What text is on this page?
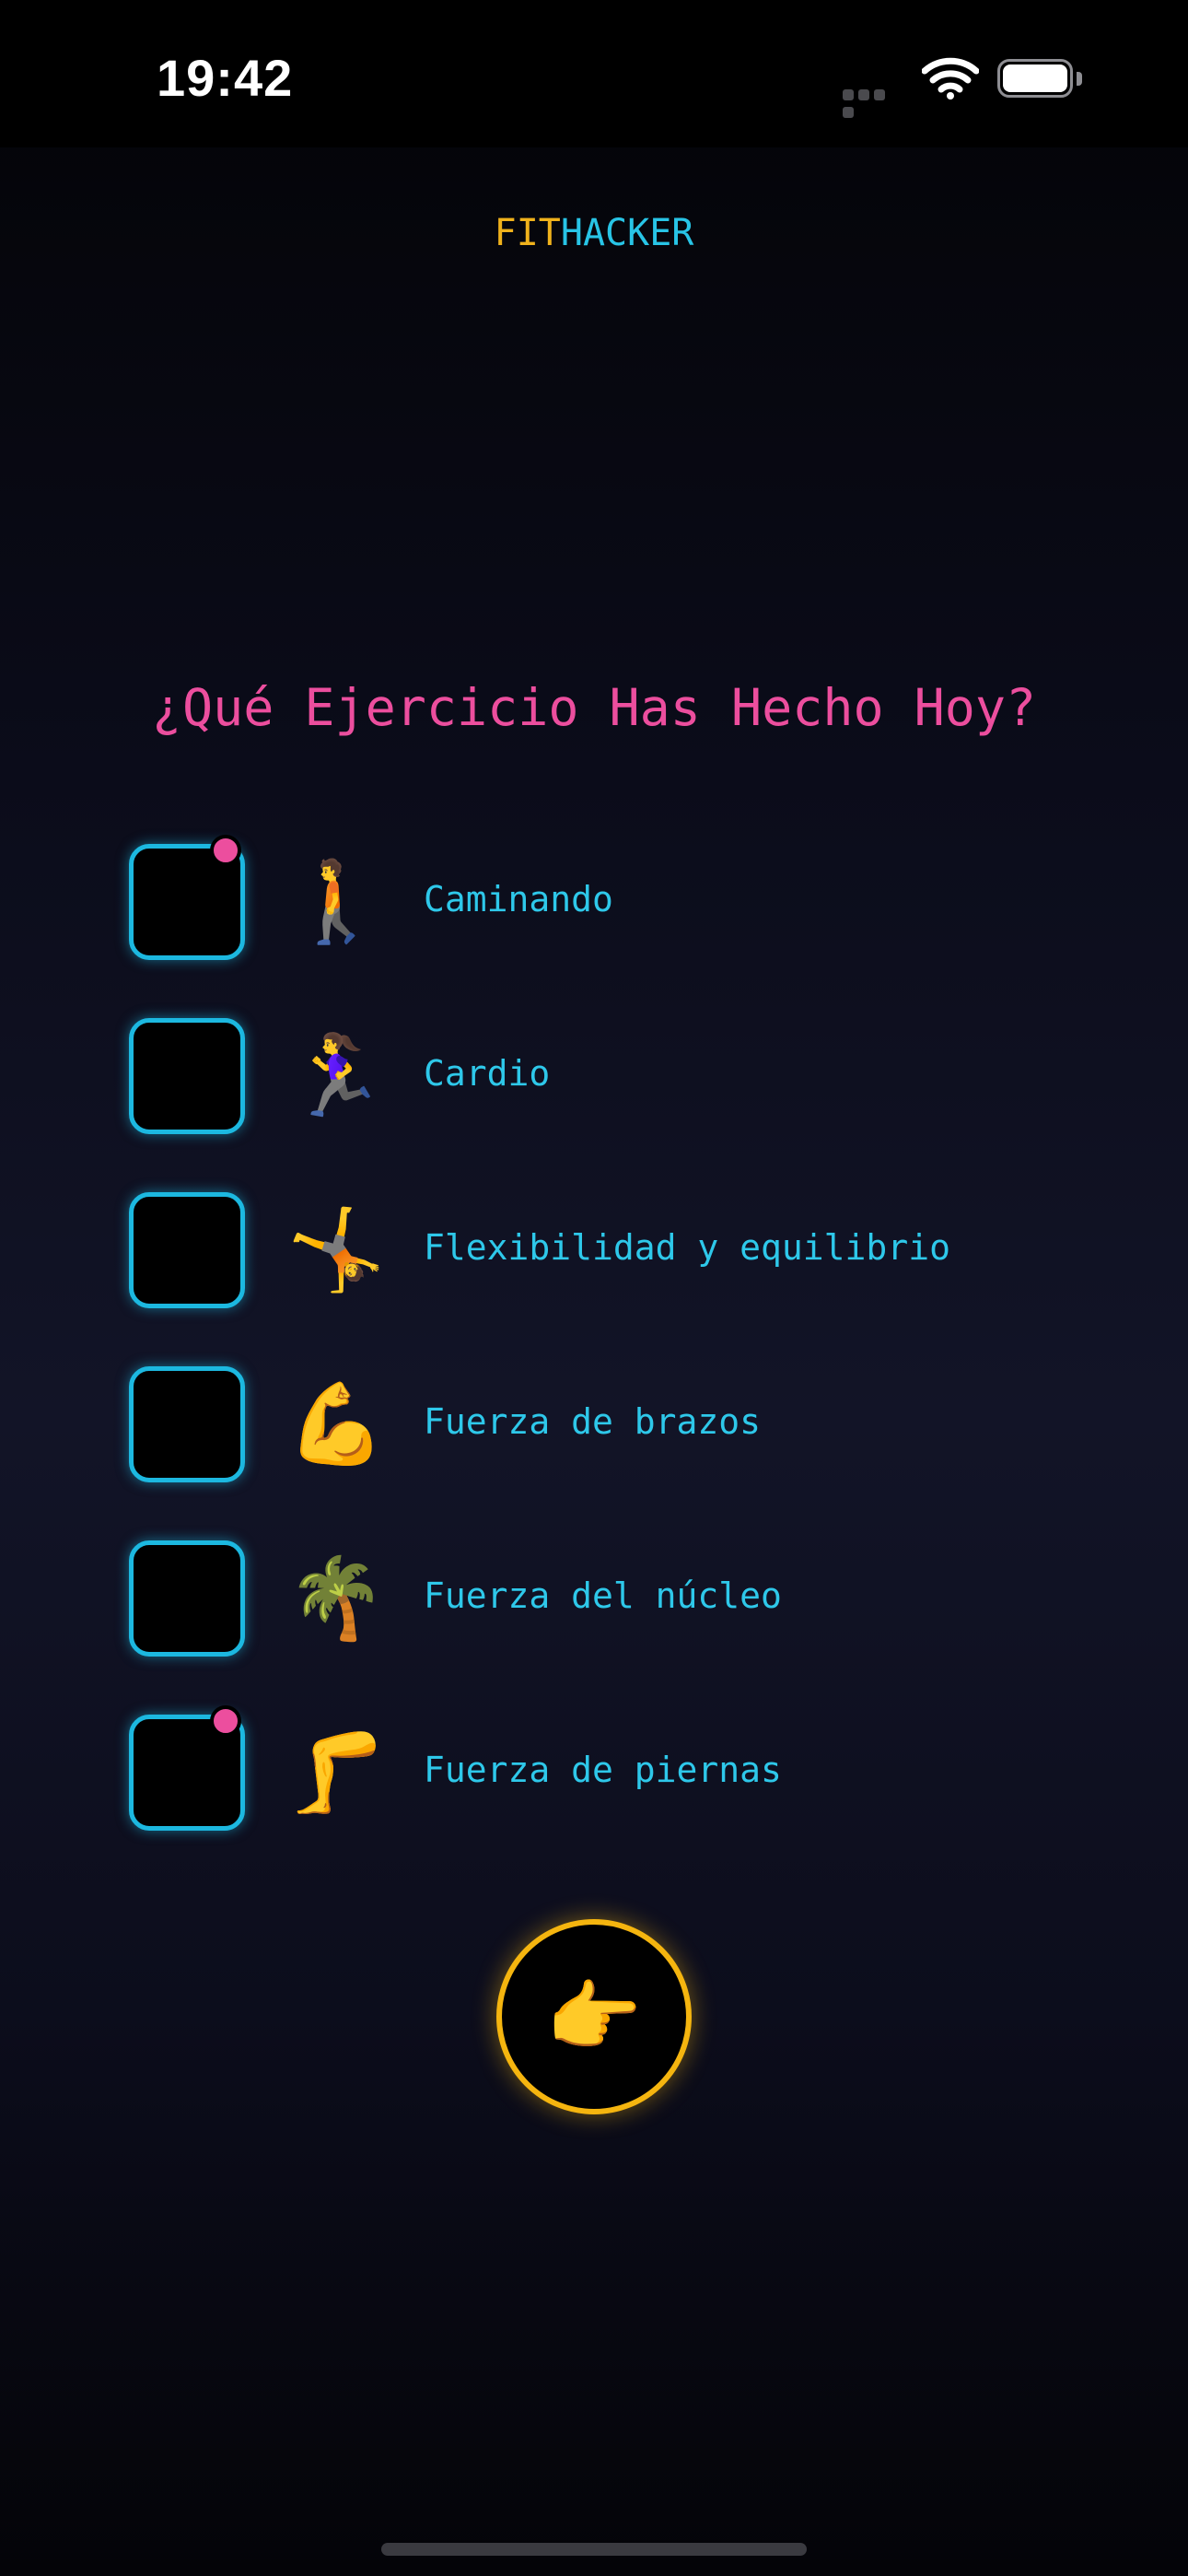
19:42
FITHACKER
¿Qué Ejercicio Has Hecho Hoy?
🚶 Caminando
🏃‍♀️ Cardio
🤸 Flexibilidad y equilibrio
💪 Fuerza de brazos
🌴 Fuerza del núcleo
🦵 Fuerza de piernas
👉
